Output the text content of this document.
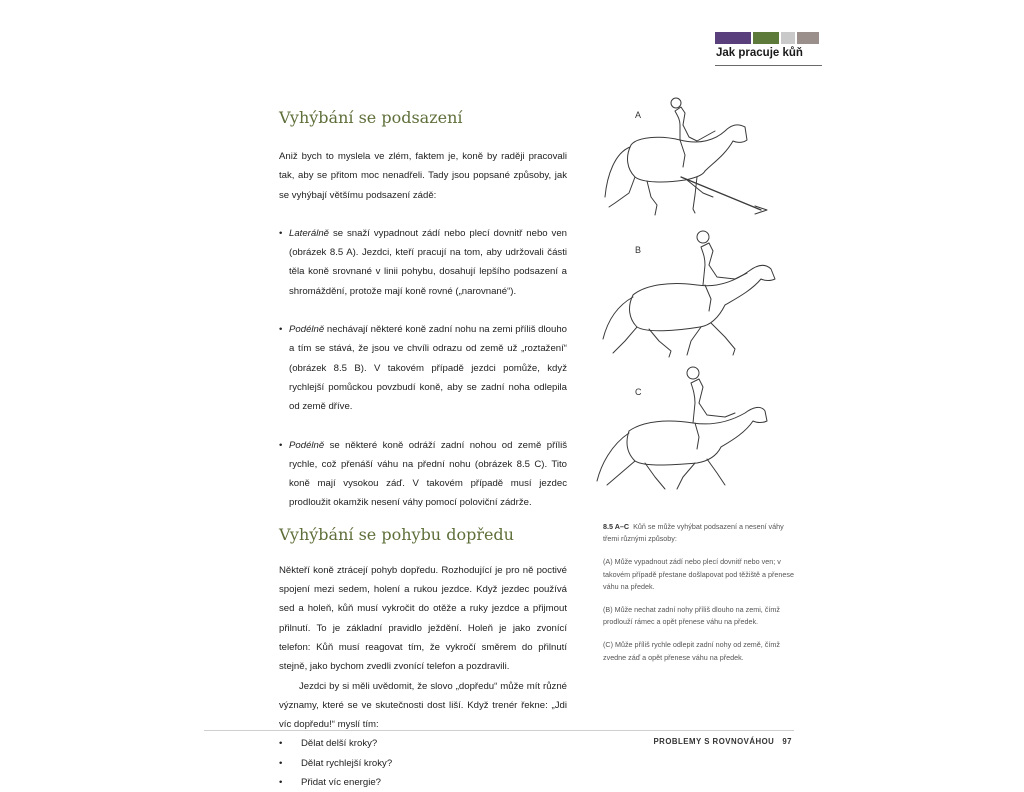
Jak pracuje kůň
Vyhýbání se podsazení

Aniž bych to myslela ve zlém, faktem je, koně by raději pracovali tak, aby se přitom moc nenadřeli. Tady jsou popsané způsoby, jak se vyhýbají většímu podsazení zádě:

• Laterálně se snaží vypadnout zádí nebo plecí dovnitř nebo ven (obrázek 8.5 A). Jezdci, kteří pracují na tom, aby udržovali části těla koně srovnané v linii pohybu, dosahují lepšího podsazení a shromáždění, protože mají koně rovné („narovnané“).

• Podélně nechávají některé koně zadní nohu na zemi příliš dlouho a tím se stává, že jsou ve chvíli odrazu od země už „roztažení“ (obrázek 8.5 B). V takovém případě jezdci pomůže, když rychlejší pomůckou povzbudí koně, aby se zadní noha odlepila od země dříve.

• Podélně se některé koně odráží zadní nohou od země příliš rychle, což přenáší váhu na přední nohu (obrázek 8.5 C). Tito koně mají vysokou záď. V takovém případě musí jezdec prodloužit okamžik nesení váhy pomocí poloviční zádrže.

Vyhýbání se pohybu dopředu

Někteří koně ztrácejí pohyb dopředu. Rozhodující je pro ně poctivé spojení mezi sedem, holení a rukou jezdce. Když jezdec používá sed a holeň, kůň musí vykročit do otěže a ruky jezdce a přijmout přilnutí. To je základní pravidlo ježdění. Holeň je jako zvonící telefon: Kůň musí reagovat tím, že vykročí směrem do přilnutí stejně, jako bychom zvedli zvonící telefon a pozdravili.

Jezdci by si měli uvědomit, že slovo „dopředu“ může mít různé významy, které se ve skutečnosti dost liší. Když trenér řekne: „Jdi víc dopředu!“ myslí tím:

• Dělat delší kroky?
• Dělat rychlejší kroky?
• Přidat víc energie?
A
B
C

8.5 A–C Kůň se může vyhýbat podsazení a nesení váhy třemi různými způsoby:

(A) Může vypadnout zádí nebo plecí dovnitř nebo ven; v takovém případě přestane došlapovat pod těžiště a přenese váhu na předek.

(B) Může nechat zadní nohy příliš dlouho na zemi, čímž prodlouží rámec a opět přenese váhu na předek.

(C) Může příliš rychle odlepit zadní nohy od země, čímž zvedne záď a opět přenese váhu na předek.

PROBLEMY S ROVNOVÁHOU 97
